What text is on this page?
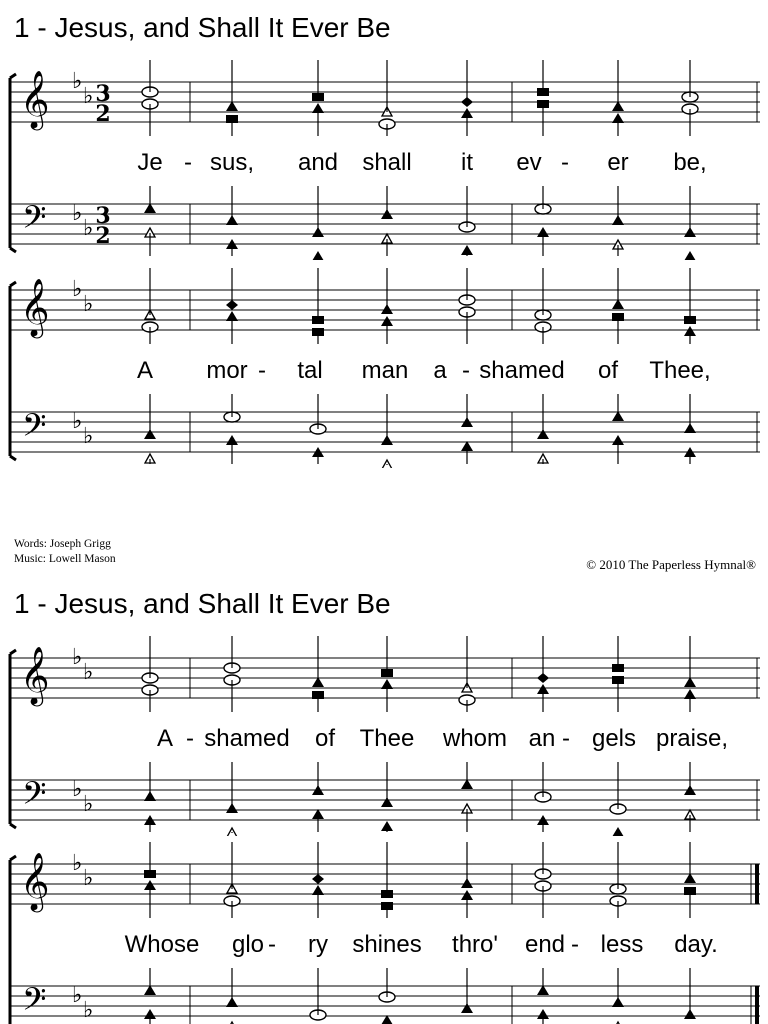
1 - Jesus, and Shall It Ever Be
𝄞
𝄢
♭
♭
♭
♭
3
2
3
2
Je - sus, and shall it ev - er be,
𝄞
𝄢
♭
♭
♭
♭
A mor - tal man a - shamed of Thee,
Words: Joseph Grigg
Music: Lowell Mason	© 2010 The Paperless Hymnal®
1 - Jesus, and Shall It Ever Be
𝄞
𝄢
♭
♭
♭
♭
A - shamed of Thee whom an - gels praise,
𝄞
𝄢
♭
♭
♭
♭
Whose glo - ry shines thro' end - less day.
